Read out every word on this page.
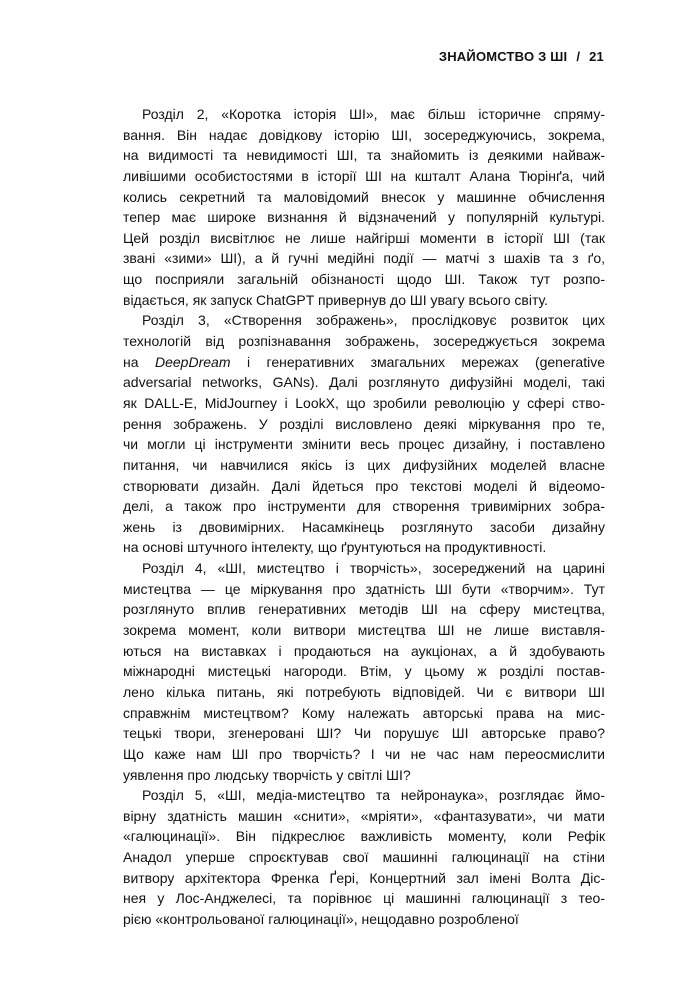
ЗНАЙОМСТВО З ШІ / 21
Розділ 2, «Коротка історія ШІ», має більш історичне спряму-
вання. Він надає довідкову історію ШІ, зосереджуючись, зокрема,
на видимості та невидимості ШІ, та знайомить із деякими найваж-
ливішими особистостями в історії ШІ на кшталт Алана Тюрінґа, чий
колись секретний та маловідомий внесок у машинне обчислення
тепер має широке визнання й відзначений у популярній культурі.
Цей розділ висвітлює не лише найгірші моменти в історії ШІ (так
звані «зими» ШІ), а й гучні медійні події — матчі з шахів та з ґо,
що посприяли загальній обізнаності щодо ШІ. Також тут розпо-
відається, як запуск ChatGPT привернув до ШІ увагу всього світу.
Розділ 3, «Створення зображень», прослідковує розвиток цих
технологій від розпізнавання зображень, зосереджується зокрема
на DeepDream і генеративних змагальних мережах (generative
adversarial networks, GANs). Далі розглянуто дифузійні моделі, такі
як DALL-E, MidJourney і LookX, що зробили революцію у сфері ство-
рення зображень. У розділі висловлено деякі міркування про те,
чи могли ці інструменти змінити весь процес дизайну, і поставлено
питання, чи навчилися якісь із цих дифузійних моделей власне
створювати дизайн. Далі йдеться про текстові моделі й відеомо-
делі, а також про інструменти для створення тривимірних зобра-
жень із двовимірних. Насамкінець розглянуто засоби дизайну
на основі штучного інтелекту, що ґрунтуються на продуктивності.
Розділ 4, «ШІ, мистецтво і творчість», зосереджений на царині
мистецтва — це міркування про здатність ШІ бути «творчим». Тут
розглянуто вплив генеративних методів ШІ на сферу мистецтва,
зокрема момент, коли витвори мистецтва ШІ не лише виставля-
ються на виставках і продаються на аукціонах, а й здобувають
міжнародні мистецькі нагороди. Втім, у цьому ж розділі постав-
лено кілька питань, які потребують відповідей. Чи є витвори ШІ
справжнім мистецтвом? Кому належать авторські права на мис-
тецькі твори, згенеровані ШІ? Чи порушує ШІ авторське право?
Що каже нам ШІ про творчість? І чи не час нам переосмислити
уявлення про людську творчість у світлі ШІ?
Розділ 5, «ШІ, медіа-мистецтво та нейронаука», розглядає ймо-
вірну здатність машин «снити», «мріяти», «фантазувати», чи мати
«галюцинації». Він підкреслює важливість моменту, коли Рефік
Анадол уперше спроєктував свої машинні галюцинації на стіни
витвору архітектора Френка Ґері, Концертний зал імені Волта Діс-
нея у Лос-Анджелесі, та порівнює ці машинні галюцинації з тео-
рією «контрольованої галюцинації», нещодавно розробленої
